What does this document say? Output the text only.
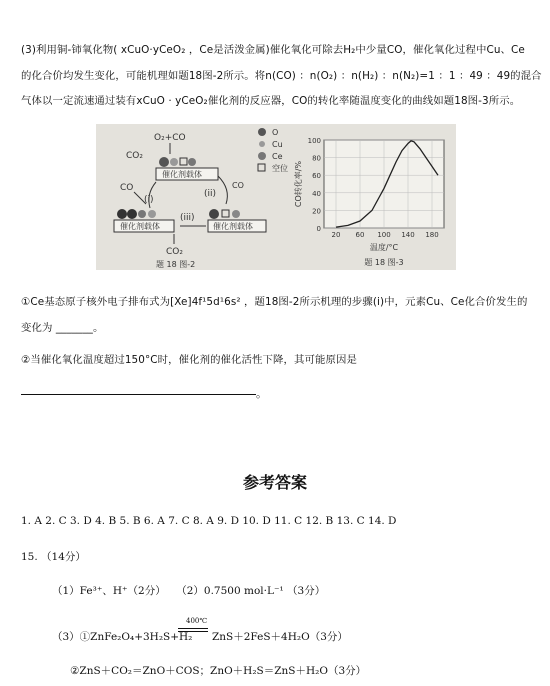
(3)利用铜-铈氧化物( xCuO·yCeO₂ ，Ce是活泼金属)催化氧化可除去H₂中少量CO，催化氧化过程中Cu、Ce
的化合价均发生变化，可能机理如题18图-2所示。将n(CO) ：n(O₂) ：n(H₂) ：n(N₂)=1 ：1 ：49 ：49的混合
气体以一定流速通过装有xCuO · yCeO₂催化剂的反应器，CO的转化率随温度变化的曲线如题18图-3所示。
O₂+CO
CO₂
催化剂载体
CO
(i)
(ii)
催化剂载体
(iii)
CO
催化剂载体
CO₂
题 18 图-2
O
Cu
Ce
空位
0
20
40
60
80
100
20 60 100 140 180
CO转化率/%
温度/°C
题 18 图-3
①Ce基态原子核外电子排布式为[Xe]4f¹5d¹6s² ，题18图-2所示机理的步骤(i)中，元素Cu、Ce化合价发生的
变化为 _______。
②当催化氧化温度超过150°C时，催化剂的催化活性下降，其可能原因是
。
参考答案
1. A 2. C 3. D 4. B 5. B 6. A 7. C 8. A 9. D 10. D 11. C 12. B 13. C 14. D
15. （14分）
（1）Fe³⁺、H⁺（2分）　　（2）0.7500 mol·L⁻¹ （3分）
（3）①ZnFe₂O₄+3H₂S+H₂
400℃
ZnS＋2FeS＋4H₂O（3分）
②ZnS＋CO₂＝ZnO＋COS；ZnO＋H₂S＝ZnS＋H₂O（3分）
